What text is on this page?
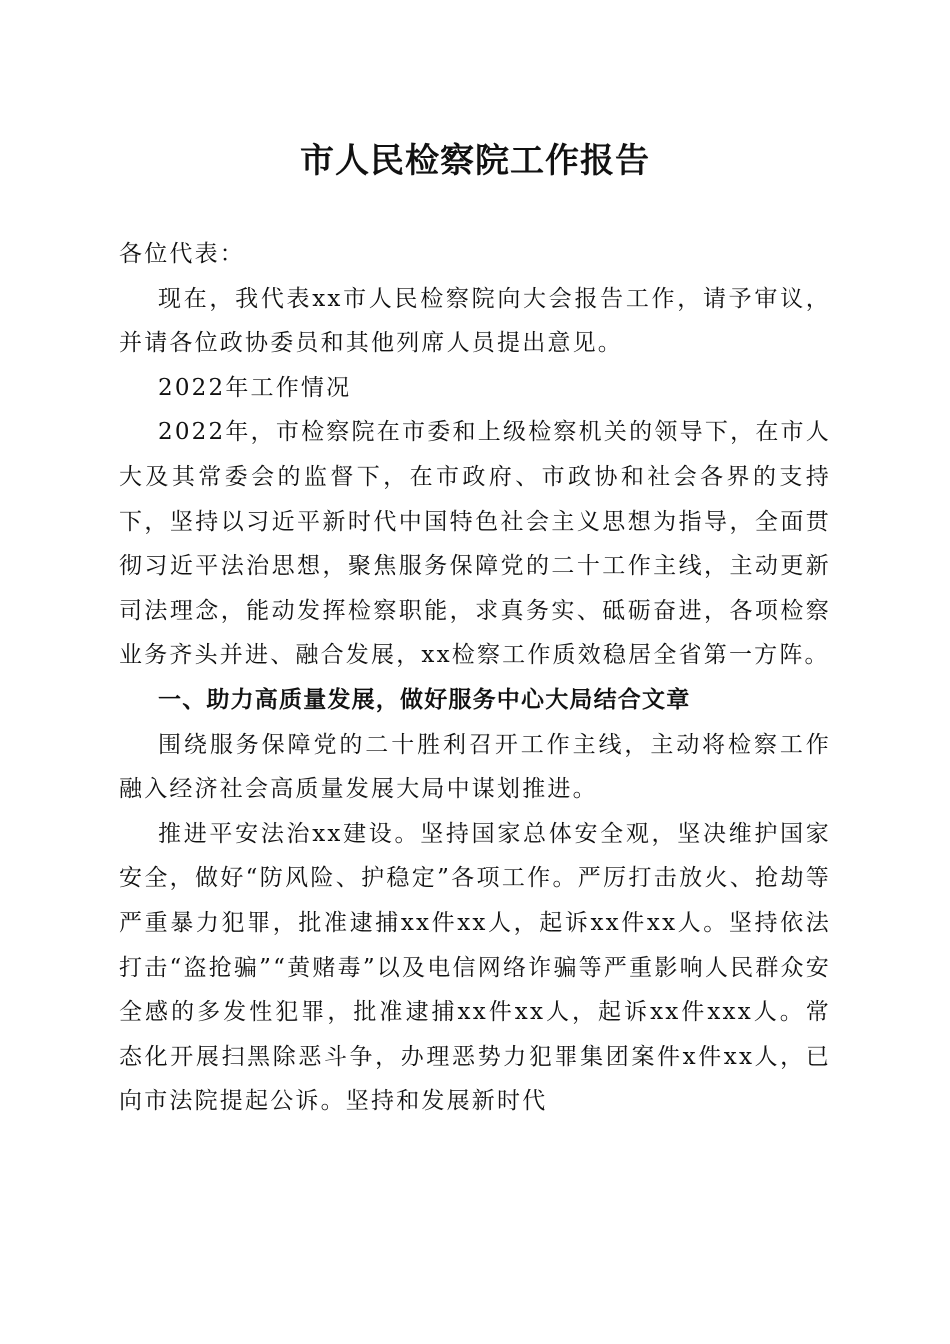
市人民检察院工作报告

各位代表：

现在，我代表xx市人民检察院向大会报告工作，请予审议，并请各位政协委员和其他列席人员提出意见。

2022年工作情况

2022年，市检察院在市委和上级检察机关的领导下，在市人大及其常委会的监督下，在市政府、市政协和社会各界的支持下，坚持以习近平新时代中国特色社会主义思想为指导，全面贯彻习近平法治思想，聚焦服务保障党的二十工作主线，主动更新司法理念，能动发挥检察职能，求真务实、砥砺奋进，各项检察业务齐头并进、融合发展，xx检察工作质效稳居全省第一方阵。

一、助力高质量发展，做好服务中心大局结合文章

围绕服务保障党的二十胜利召开工作主线，主动将检察工作融入经济社会高质量发展大局中谋划推进。

推进平安法治xx建设。坚持国家总体安全观，坚决维护国家安全，做好“防风险、护稳定”各项工作。严厉打击放火、抢劫等严重暴力犯罪，批准逮捕xx件xx人，起诉xx件xx人。坚持依法打击“盗抢骗”“黄赌毒”以及电信网络诈骗等严重影响人民群众安全感的多发性犯罪，批准逮捕xx件xx人，起诉xx件xxx人。常态化开展扫黑除恶斗争，办理恶势力犯罪集团案件x件xx人，已向市法院提起公诉。坚持和发展新时代
